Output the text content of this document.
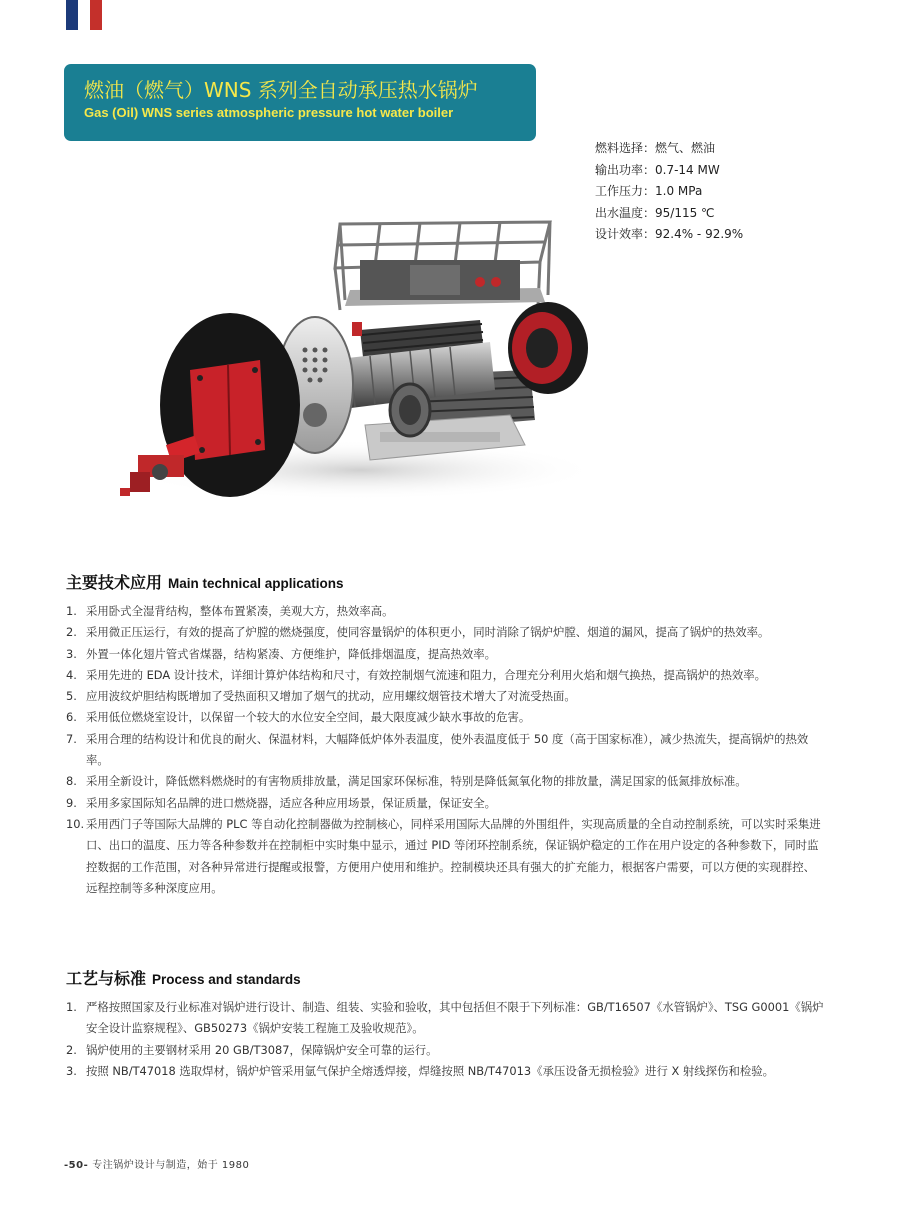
燃油（燃气）WNS 系列全自动承压热水锅炉
Gas (Oil) WNS series atmospheric pressure hot water boiler
燃料选择：燃气、燃油
输出功率：0.7-14 MW
工作压力：1.0 MPa
出水温度：95/115 ℃
设计效率：92.4% - 92.9%
主要技术应用 Main technical applications
1. 采用卧式全湿背结构，整体布置紧凑，美观大方，热效率高。
2. 采用微正压运行，有效的提高了炉膛的燃烧强度，使同容量锅炉的体积更小，同时消除了锅炉炉膛、烟道的漏风，提高了锅炉的热效率。
3. 外置一体化翅片管式省煤器，结构紧凑、方便维护，降低排烟温度，提高热效率。
4. 采用先进的 EDA 设计技术，详细计算炉体结构和尺寸，有效控制烟气流速和阻力，合理充分利用火焰和烟气换热，提高锅炉的热效率。
5. 应用波纹炉胆结构既增加了受热面积又增加了烟气的扰动，应用螺纹烟管技术增大了对流受热面。
6. 采用低位燃烧室设计，以保留一个较大的水位安全空间，最大限度减少缺水事故的危害。
7. 采用合理的结构设计和优良的耐火、保温材料，大幅降低炉体外表温度，使外表温度低于 50 度（高于国家标准），减少热流失，提高锅炉的热效率。
8. 采用全新设计，降低燃料燃烧时的有害物质排放量，满足国家环保标准，特别是降低氮氧化物的排放量，满足国家的低氮排放标准。
9. 采用多家国际知名品牌的进口燃烧器，适应各种应用场景，保证质量，保证安全。
10. 采用西门子等国际大品牌的 PLC 等自动化控制器做为控制核心，同样采用国际大品牌的外围组件，实现高质量的全自动控制系统，可以实时采集进口、出口的温度、压力等各种参数并在控制柜中实时集中显示，通过 PID 等闭环控制系统，保证锅炉稳定的工作在用户设定的各种参数下，同时监控数据的工作范围，对各种异常进行提醒或报警，方便用户使用和维护。控制模块还具有强大的扩充能力，根据客户需要，可以方便的实现群控、远程控制等多种深度应用。
工艺与标准 Process and standards
1. 严格按照国家及行业标准对锅炉进行设计、制造、组装、实验和验收，其中包括但不限于下列标准：GB/T16507《水管锅炉》、TSG G0001《锅炉安全设计监察规程》、GB50273《锅炉安装工程施工及验收规范》。
2. 锅炉使用的主要钢材采用 20 GB/T3087，保障锅炉安全可靠的运行。
3. 按照 NB/T47018 选取焊材，锅炉炉管采用氩气保护全熔透焊接，焊缝按照 NB/T47013《承压设备无损检验》进行 X 射线探伤和检验。
-50- 专注锅炉设计与制造，始于 1980
